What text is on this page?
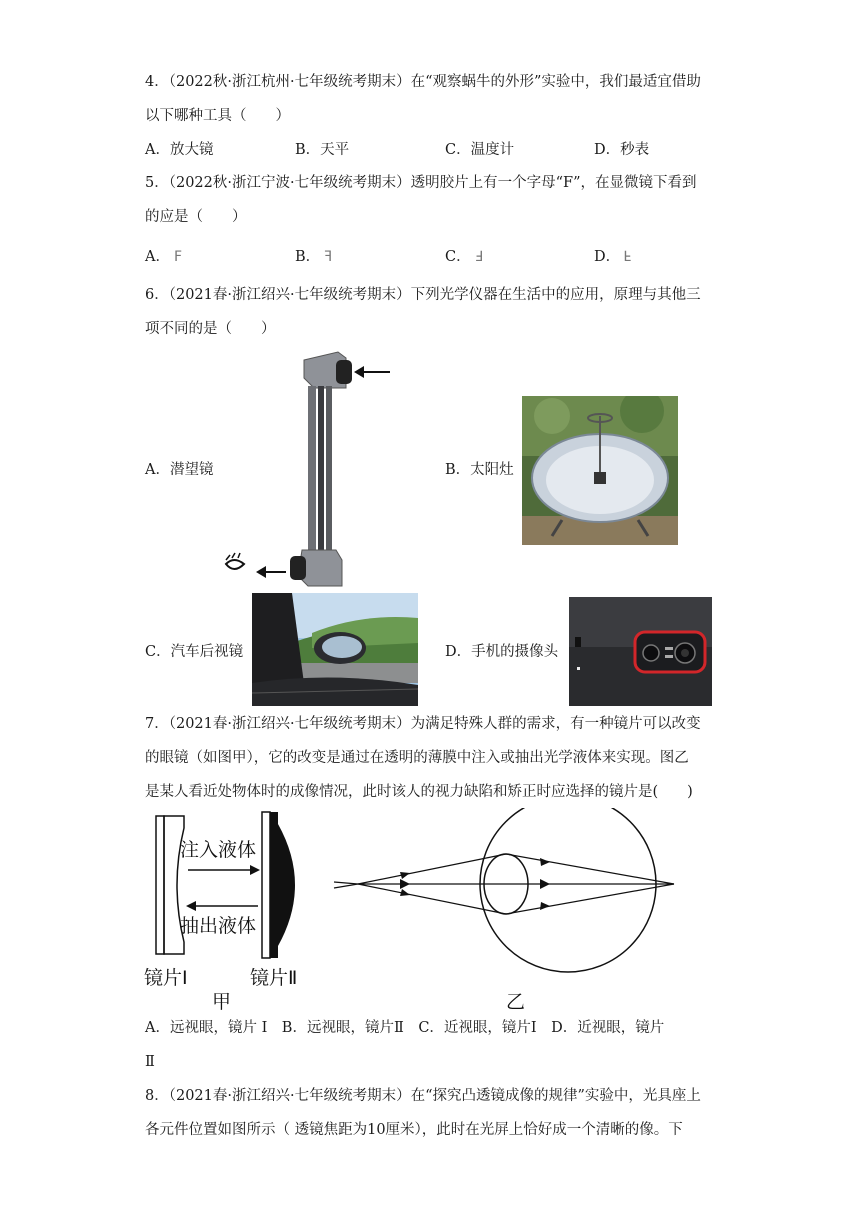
4．（2022秋·浙江杭州·七年级统考期末）在“观察蜗牛的外形”实验中，我们最适宜借助
以下哪种工具（　　）
A．放大镜	B．天平	C．温度计	D．秒表
5．（2022秋·浙江宁波·七年级统考期末）透明胶片上有一个字母“F”，在显微镜下看到
的应是（　　）
A． F	B． ꟻ	C． Ⅎ	D． Ⅎ
6．（2021春·浙江绍兴·七年级统考期末）下列光学仪器在生活中的应用，原理与其他三
项不同的是（　　）
A．潜望镜	B．太阳灶
C．汽车后视镜	D．手机的摄像头
7．（2021春·浙江绍兴·七年级统考期末）为满足特殊人群的需求，有一种镜片可以改变
的眼镜（如图甲），它的改变是通过在透明的薄膜中注入或抽出光学液体来实现。图乙
是某人看近处物体时的成像情况，此时该人的视力缺陷和矫正时应选择的镜片是(　　)
注入液体
抽出液体
镜片Ⅰ	镜片Ⅱ
甲	乙
A．远视眼，镜片 Ⅰ　B．远视眼，镜片Ⅱ　C．近视眼，镜片Ⅰ　D．近视眼，镜片
Ⅱ
8．（2021春·浙江绍兴·七年级统考期末）在“探究凸透镜成像的规律”实验中，光具座上
各元件位置如图所示（ 透镜焦距为10厘米），此时在光屏上恰好成一个清晰的像。下
